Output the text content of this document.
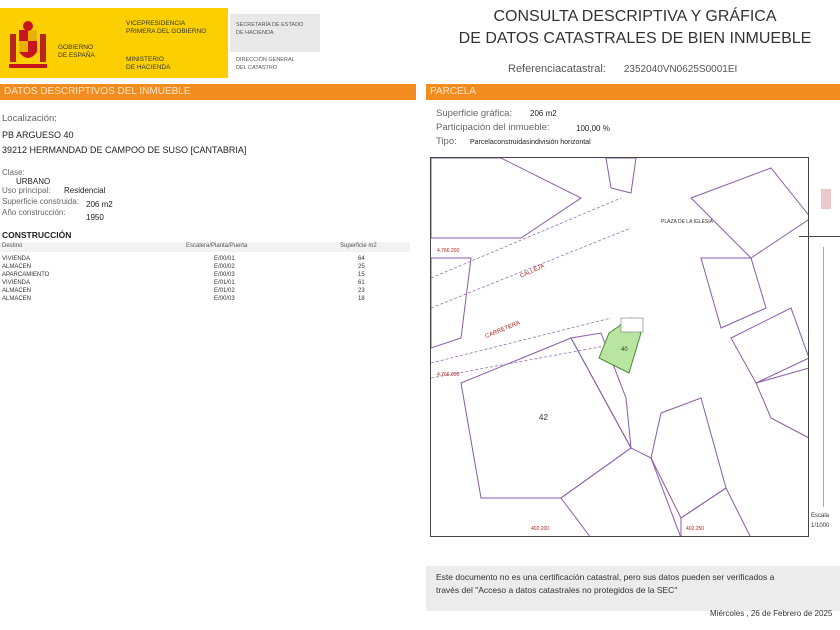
GOBIERNO
DE ESPAÑA
VICEPRESIDENCIA
PRIMERA DEL GOBIERNO
MINISTERIO
DE HACIENDA
SECRETARÍA DE ESTADO
DE HACIENDA
DIRECCIÓN GENERAL
DEL CATASTRO
CONSULTA DESCRIPTIVA Y GRÁFICA
DE DATOS CATASTRALES DE BIEN INMUEBLE
Referenciacatastral: 2352040VN0625S0001EI
DATOS DESCRIPTIVOS DEL INMUEBLE	PARCELA
Localización:
PB ARGUESO 40
39212 HERMANDAD DE CAMPOO DE SUSO [CANTABRIA]
Clase:
URBANO
Uso principal: Residencial
Superficie construida: 206 m2
Año construcción:
1950
CONSTRUCCIÓN
Destino	Escalera/Planta/Puerta	Superficie m2
VIVIENDA	E/00/01	64
ALMACEN	E/00/02	25
APARCAMIENTO	E/00/03	15
VIVIENDA	E/01/01	61
ALMACEN	E/01/02	23
ALMACEN	E/00/03	18
Superficie gráfica: 206 m2
Participación del inmueble:	100,00 %
Tipo: Parcelaconstruidasindivisión horizontal
40
42
CARRETERA
CALLEJA
PLAZA DE LA IGLESIA
4.766.200
4.766.050
402.200	402.250
Escala
1/1000
Este documento no es una certificación catastral, pero sus datos pueden ser verificados a
través del "Acceso a datos catastrales no protegidos de la SEC"
Miércoles , 26 de Febrero de 2025
